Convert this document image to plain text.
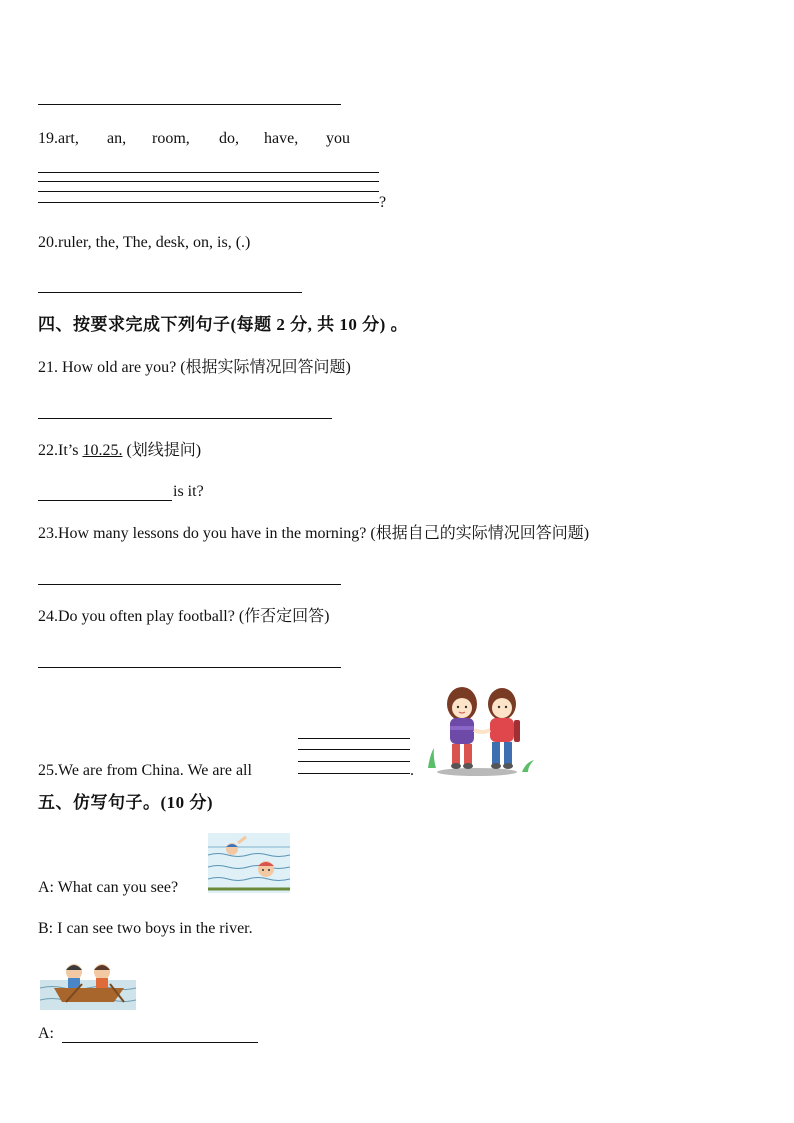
19.art, an, room, do, have, you
?
20.ruler, the, The, desk, on, is, (.)
四、按要求完成下列句子(每题 2 分, 共 10 分) 。
21. How old are you? (根据实际情况回答问题)
22.It’s 10.25. (划线提问)
is it?
23.How many lessons do you have in the morning? (根据自己的实际情况回答问题)
24.Do you often play football? (作否定回答)
25.We are from China. We are all	.
五、仿写句子。(10 分)
A: What can you see?
B: I can see two boys in the river.
A:
